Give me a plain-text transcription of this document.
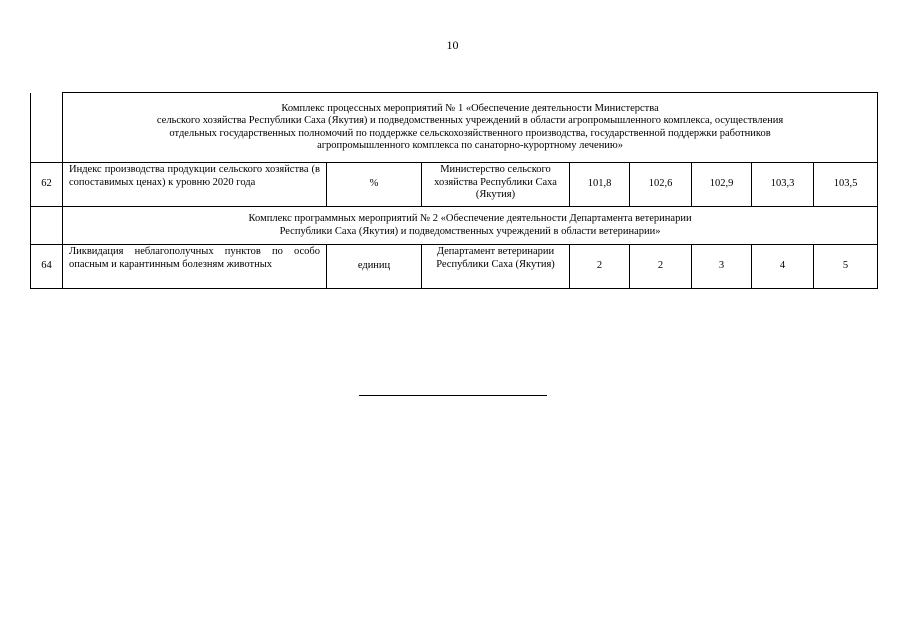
10

	Комплекс процессных мероприятий № 1 «Обеспечение деятельности Министерства
сельского хозяйства Республики Саха (Якутия) и подведомственных учреждений в области агропромышленного комплекса, осуществления
отдельных государственных полномочий по поддержке сельскохозяйственного производства, государственной поддержки работников
агропромышленного комплекса по санаторно-курортному лечению»							

62	Индекс производства продукции сельского хозяйства (в сопоставимых ценах) к уровню 2020 года	%	Министерство сельского хозяйства Республики Саха (Якутия)	101,8	102,6	102,9	103,3	103,5

	Комплекс программных мероприятий № 2 «Обеспечение деятельности Департамента ветеринарии
Республики Саха (Якутия) и подведомственных учреждений в области ветеринарии»							

64	Ликвидация неблагополучных пунктов по особо опасным и карантинным болезням животных	единиц	Департамент ветеринарии Республики Саха (Якутия)	2	2	3	4	5
